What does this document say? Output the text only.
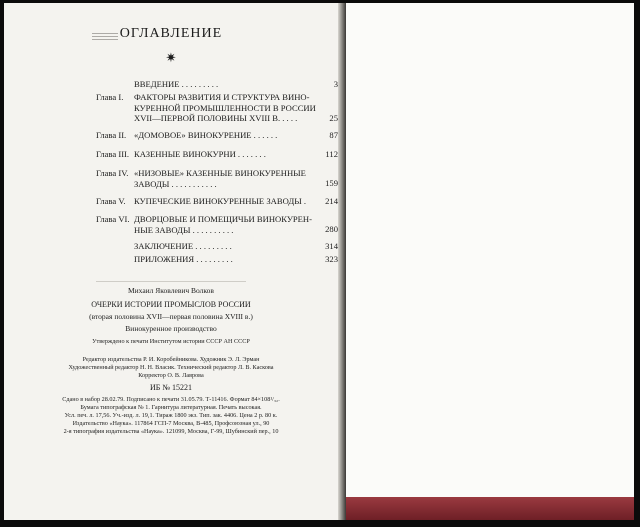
ОГЛАВЛЕНИЕ
✷
ВВЕДЕНИЕ . . . . . . . . .	3
Глава I.	ФАКТОРЫ РАЗВИТИЯ И СТРУКТУРА ВИНО-
КУРЕННОЙ ПРОМЫШЛЕННОСТИ В РОССИИ
XVII—ПЕРВОЙ ПОЛОВИНЫ XVIII В. . . . .	25
Глава II. «ДОМОВОЕ» ВИНОКУРЕНИЕ . . . . . .	87
Глава III. КАЗЕННЫЕ ВИНОКУРНИ . . . . . . .	112
Глава IV. «НИЗОВЫЕ» КАЗЕННЫЕ ВИНОКУРЕННЫЕ
ЗАВОДЫ . . . . . . . . . . .	159
Глава V. КУПЕЧЕСКИЕ ВИНОКУРЕННЫЕ ЗАВОДЫ .	214
Глава VI. ДВОРЦОВЫЕ И ПОМЕЩИЧЬИ ВИНОКУРЕН-
НЫЕ ЗАВОДЫ . . . . . . . . . .	280
ЗАКЛЮЧЕНИЕ . . . . . . . . .	314
ПРИЛОЖЕНИЯ . . . . . . . . .	323
Михаил Яковлевич Волков
ОЧЕРКИ ИСТОРИИ ПРОМЫСЛОВ РОССИИ
(вторая половина XVII—первая половина XVIII в.)
Винокуренное производство
Утверждено к печати Институтом истории СССР АН СССР
Редактор издательства Р. И. Коробейникова. Художник Э. Л. Эрман
Художественный редактор Н. Н. Власик. Технический редактор Л. В. Каскова
Корректор О. В. Лаврова
ИБ № 15221
Сдано в набор 28.02.79. Подписано к печати 31.05.79. Т-11416. Формат 84×108¹/₃₂.
Бумага типографская № 1. Гарнитура литературная. Печать высокая.
Усл. печ. л. 17,56. Уч.-изд. л. 19,1. Тираж 1800 экз. Тип. зак. 4406. Цена 2 р. 80 к.
Издательство «Наука». 117864 ГСП-7 Москва, В-485, Профсоюзная ул., 90
2-я типография издательства «Наука». 121099, Москва, Г-99, Шубинский пер., 10
